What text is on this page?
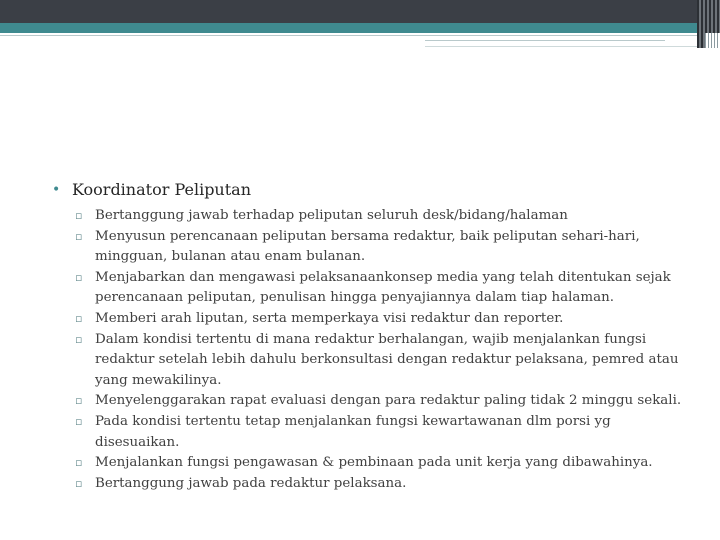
• Koordinator Peliputan
▫ Bertanggung jawab terhadap peliputan seluruh desk/bidang/halaman
▫ Menyusun perencanaan peliputan bersama redaktur, baik peliputan sehari-hari, mingguan, bulanan atau enam bulanan.
▫ Menjabarkan dan mengawasi pelaksanaankonsep media yang telah ditentukan sejak perencanaan peliputan, penulisan hingga penyajiannya dalam tiap halaman.
▫ Memberi arah liputan, serta memperkaya visi redaktur dan reporter.
▫ Dalam kondisi tertentu di mana redaktur berhalangan, wajib menjalankan fungsi redaktur setelah lebih dahulu berkonsultasi dengan redaktur pelaksana, pemred atau yang mewakilinya.
▫ Menyelenggarakan rapat evaluasi dengan para redaktur paling tidak 2 minggu sekali.
▫ Pada kondisi tertentu tetap menjalankan fungsi kewartawanan dlm porsi yg disesuaikan.
▫ Menjalankan fungsi pengawasan & pembinaan pada unit kerja yang dibawahinya.
▫ Bertanggung jawab pada redaktur pelaksana.
